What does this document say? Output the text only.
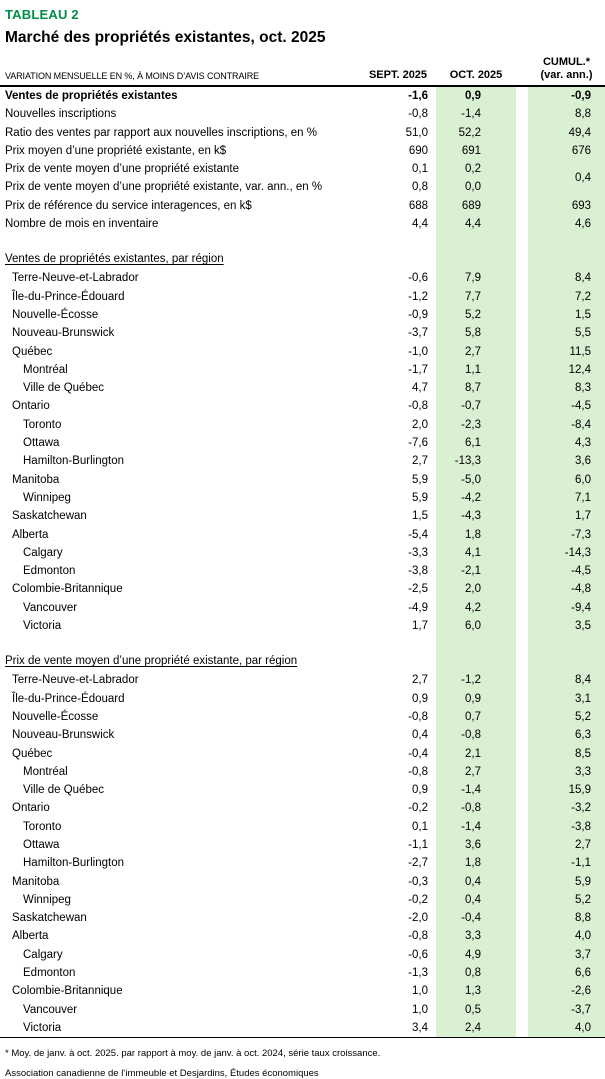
TABLEAU 2
Marché des propriétés existantes, oct. 2025
VARIATION MENSUELLE EN %, À MOINS D’AVIS CONTRAIRE	SEPT. 2025	OCT. 2025		CUMUL.*
(var. ann.)

Ventes de propriétés existantes	-1,6	0,9		-0,9
Nouvelles inscriptions	-0,8	-1,4		8,8
Ratio des ventes par rapport aux nouvelles inscriptions, en %	51,0	52,2		49,4
Prix moyen d’une propriété existante, en k$	690	691		676
Prix de vente moyen d’une propriété existante	0,1	0,2		0,4
Prix de vente moyen d’une propriété existante, var. ann., en %	0,8	0,0		
Prix de référence du service interagences, en k$	688	689		693
Nombre de mois en inventaire	4,4	4,4		4,6
Ventes de propriétés existantes, par région				
Terre-Neuve-et-Labrador	-0,6	7,9		8,4
Île-du-Prince-Édouard	-1,2	7,7		7,2
Nouvelle-Écosse	-0,9	5,2		1,5
Nouveau-Brunswick	-3,7	5,8		5,5
Québec	-1,0	2,7		11,5
Montréal	-1,7	1,1		12,4
Ville de Québec	4,7	8,7		8,3
Ontario	-0,8	-0,7		-4,5
Toronto	2,0	-2,3		-8,4
Ottawa	-7,6	6,1		4,3
Hamilton-Burlington	2,7	-13,3		3,6
Manitoba	5,9	-5,0		6,0
Winnipeg	5,9	-4,2		7,1
Saskatchewan	1,5	-4,3		1,7
Alberta	-5,4	1,8		-7,3
Calgary	-3,3	4,1		-14,3
Edmonton	-3,8	-2,1		-4,5
Colombie-Britannique	-2,5	2,0		-4,8
Vancouver	-4,9	4,2		-9,4
Victoria	1,7	6,0		3,5
Prix de vente moyen d’une propriété existante, par région				
Terre-Neuve-et-Labrador	2,7	-1,2		8,4
Île-du-Prince-Édouard	0,9	0,9		3,1
Nouvelle-Écosse	-0,8	0,7		5,2
Nouveau-Brunswick	0,4	-0,8		6,3
Québec	-0,4	2,1		8,5
Montréal	-0,8	2,7		3,3
Ville de Québec	0,9	-1,4		15,9
Ontario	-0,2	-0,8		-3,2
Toronto	0,1	-1,4		-3,8
Ottawa	-1,1	3,6		2,7
Hamilton-Burlington	-2,7	1,8		-1,1
Manitoba	-0,3	0,4		5,9
Winnipeg	-0,2	0,4		5,2
Saskatchewan	-2,0	-0,4		8,8
Alberta	-0,8	3,3		4,0
Calgary	-0,6	4,9		3,7
Edmonton	-1,3	0,8		6,6
Colombie-Britannique	1,0	1,3		-2,6
Vancouver	1,0	0,5		-3,7
Victoria	3,4	2,4		4,0
* Moy. de janv. à oct. 2025. par rapport à moy. de janv. à oct. 2024, série taux croissance.
Association canadienne de l’immeuble et Desjardins, Études économiques
